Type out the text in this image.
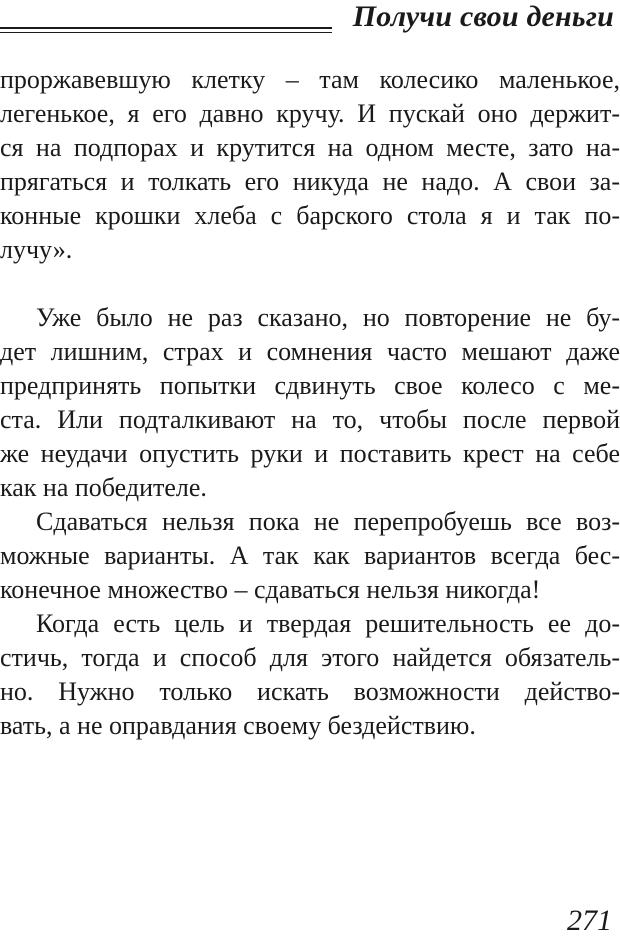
Получи свои деньги
проржавевшую клетку – там колесико маленькое,
легенькое, я его давно кручу. И пускай оно держит-
ся на подпорах и крутится на одном месте, зато на-
прягаться и толкать его никуда не надо. А свои за-
конные крошки хлеба с барского стола я и так по-
лучу».
Уже было не раз сказано, но повторение не бу-
дет лишним, страх и сомнения часто мешают даже
предпринять попытки сдвинуть свое колесо с ме-
ста. Или подталкивают на то, чтобы после первой
же неудачи опустить руки и поставить крест на себе
как на победителе.
Сдаваться нельзя пока не перепробуешь все воз-
можные варианты. А так как вариантов всегда бес-
конечное множество – сдаваться нельзя никогда!
Когда есть цель и твердая решительность ее до-
стичь, тогда и способ для этого найдется обязатель-
но. Нужно только искать возможности действо-
вать, а не оправдания своему бездействию.
271
